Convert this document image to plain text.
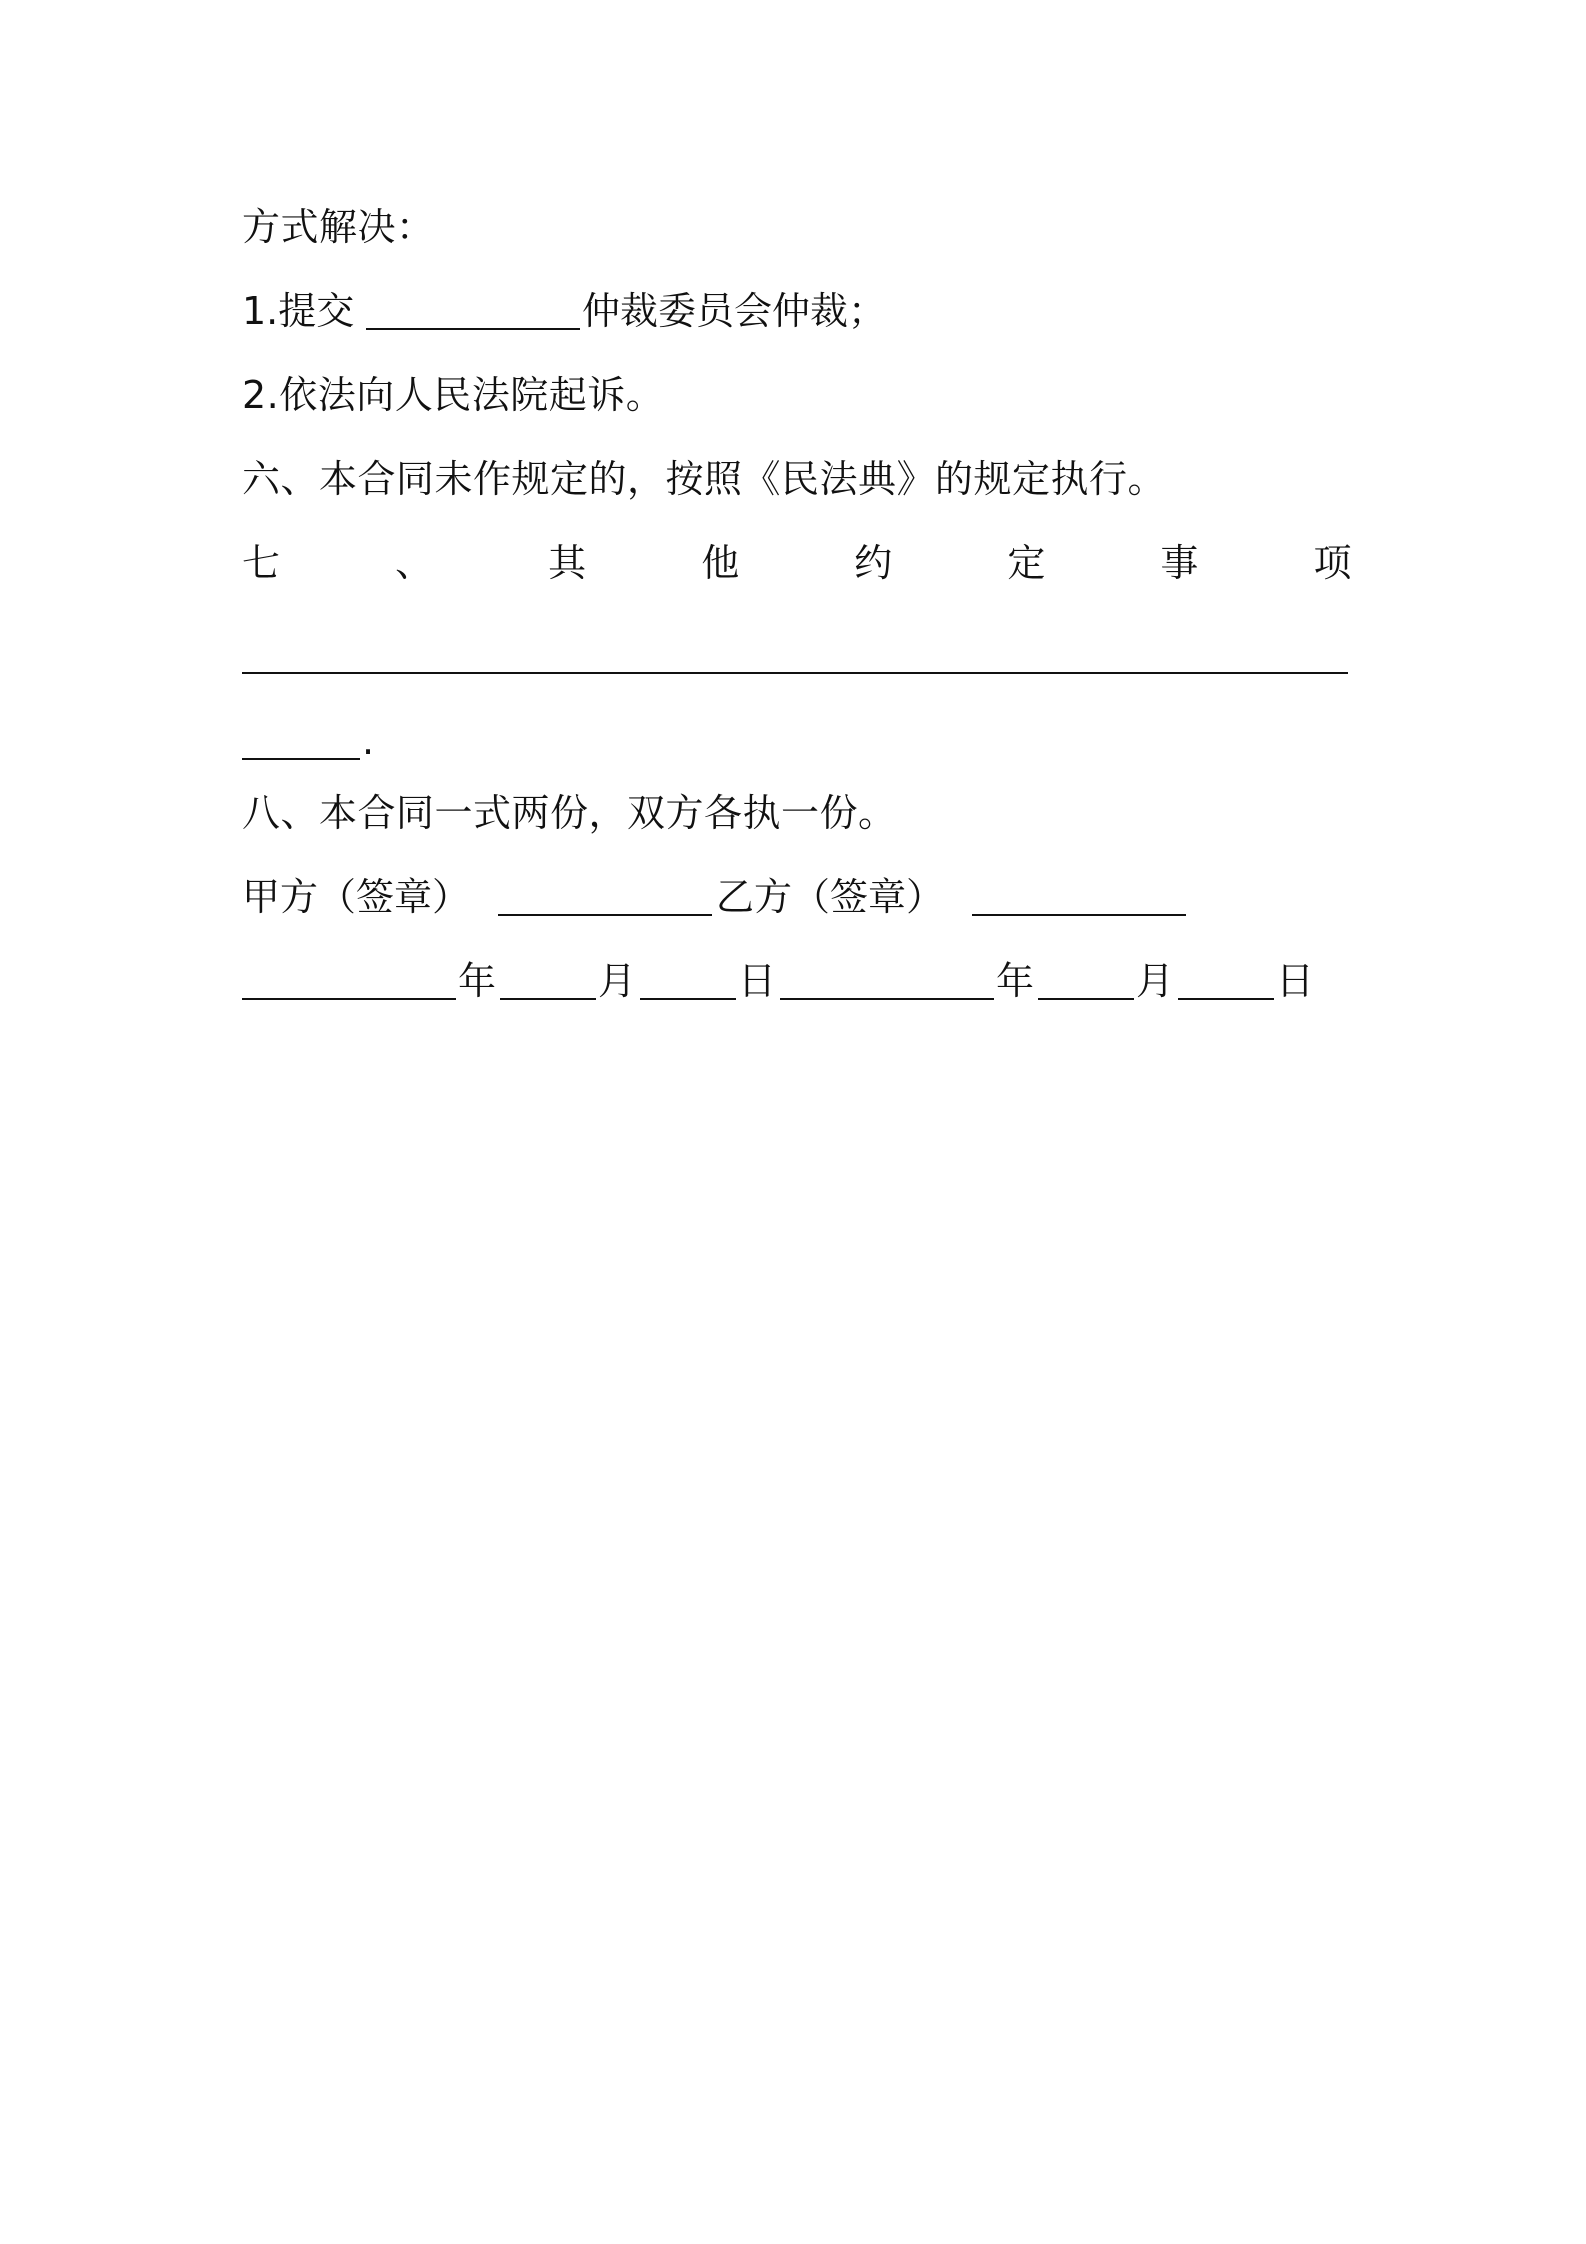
方式解决：
1.提交	仲裁委员会仲裁；
2.依法向人民法院起诉。
六、本合同未作规定的，按照《民法典》的规定执行。
七	、	其	他	约	定	事	项
.
八、本合同一式两份，双方各执一份。
甲方（签章）	乙方（签章）
年	月	日	年	月	日
